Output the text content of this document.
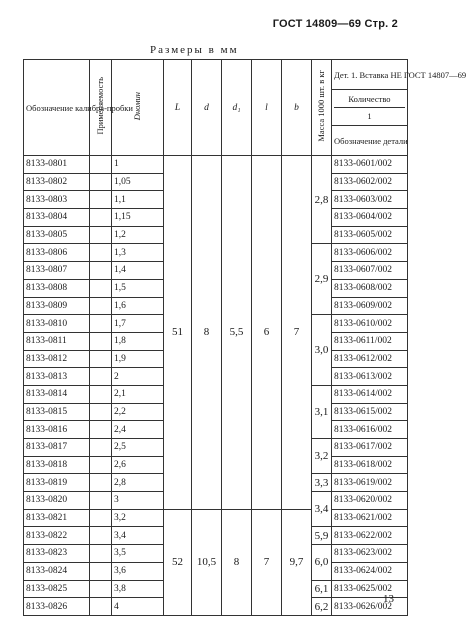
ГОСТ 14809—69 Стр. 2
Размеры в мм
Обозначение калибра-пробки	Применяемость	Dномин	L	d	d₁	l	b	Масса 1000 шт. в кг	Дет. 1. Вставка НЕ ГОСТ 14807—69

									Количество
1

									Обозначение детали
8133-0801		1	51	8	5,5	6	7	2,8	8133-0601/002
8133-0802		1,05							8133-0602/002
8133-0803		1,1							8133-0603/002
8133-0804		1,15							8133-0604/002
8133-0805		1,2							8133-0605/002
8133-0806		1,3						2,9	8133-0606/002
8133-0807		1,4							8133-0607/002
8133-0808		1,5							8133-0608/002
8133-0809		1,6							8133-0609/002
8133-0810		1,7						3,0	8133-0610/002
8133-0811		1,8							8133-0611/002
8133-0812		1,9							8133-0612/002
8133-0813		2							8133-0613/002
8133-0814		2,1						3,1	8133-0614/002
8133-0815		2,2							8133-0615/002
8133-0816		2,4							8133-0616/002
8133-0817		2,5						3,2	8133-0617/002
8133-0818		2,6							8133-0618/002
8133-0819		2,8						3,3	8133-0619/002
8133-0820		3						3,4	8133-0620/002
8133-0821		3,2	52	10,5	8	7	9,7		8133-0621/002
8133-0822		3,4						5,9	8133-0622/002
8133-0823		3,5						6,0	8133-0623/002
8133-0824		3,6							8133-0624/002
8133-0825		3,8						6,1	8133-0625/002
8133-0826		4						6,2	8133-0626/002
13
